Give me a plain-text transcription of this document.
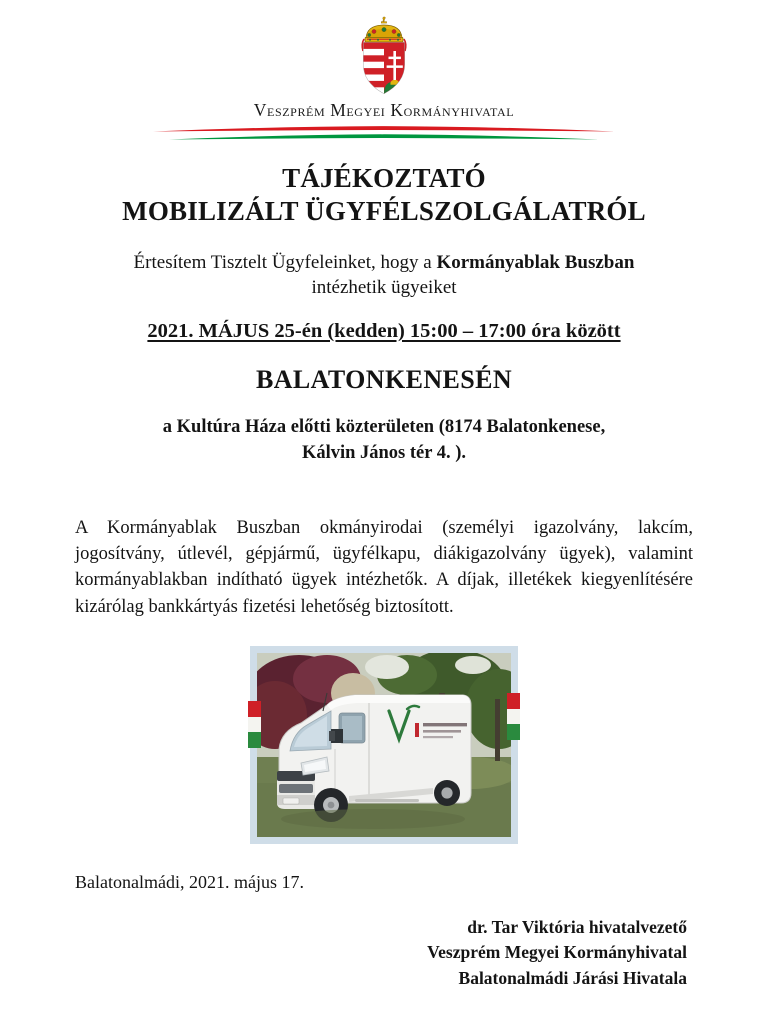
Veszprém Megyei Kormányhivatal
TÁJÉKOZTATÓ
MOBILIZÁLT ÜGYFÉLSZOLGÁLATRÓL
Értesítem Tisztelt Ügyfeleinket, hogy a Kormányablak Buszban
intézhetik ügyeiket
2021. MÁJUS 25-én (kedden) 15:00 – 17:00 óra között
BALATONKENESÉN
a Kultúra Háza előtti közterületen (8174 Balatonkenese,
Kálvin János tér 4. ).
A Kormányablak Buszban okmányirodai (személyi igazolvány, lakcím, jogosítvány, útlevél, gépjármű, ügyfélkapu, diákigazolvány ügyek), valamint kormányablakban indítható ügyek intézhetők. A díjak, illetékek kiegyenlítésére kizárólag bankkártyás fizetési lehetőség biztosított.
Balatonalmádi, 2021. május 17.
dr. Tar Viktória hivatalvezető
Veszprém Megyei Kormányhivatal
Balatonalmádi Járási Hivatala
